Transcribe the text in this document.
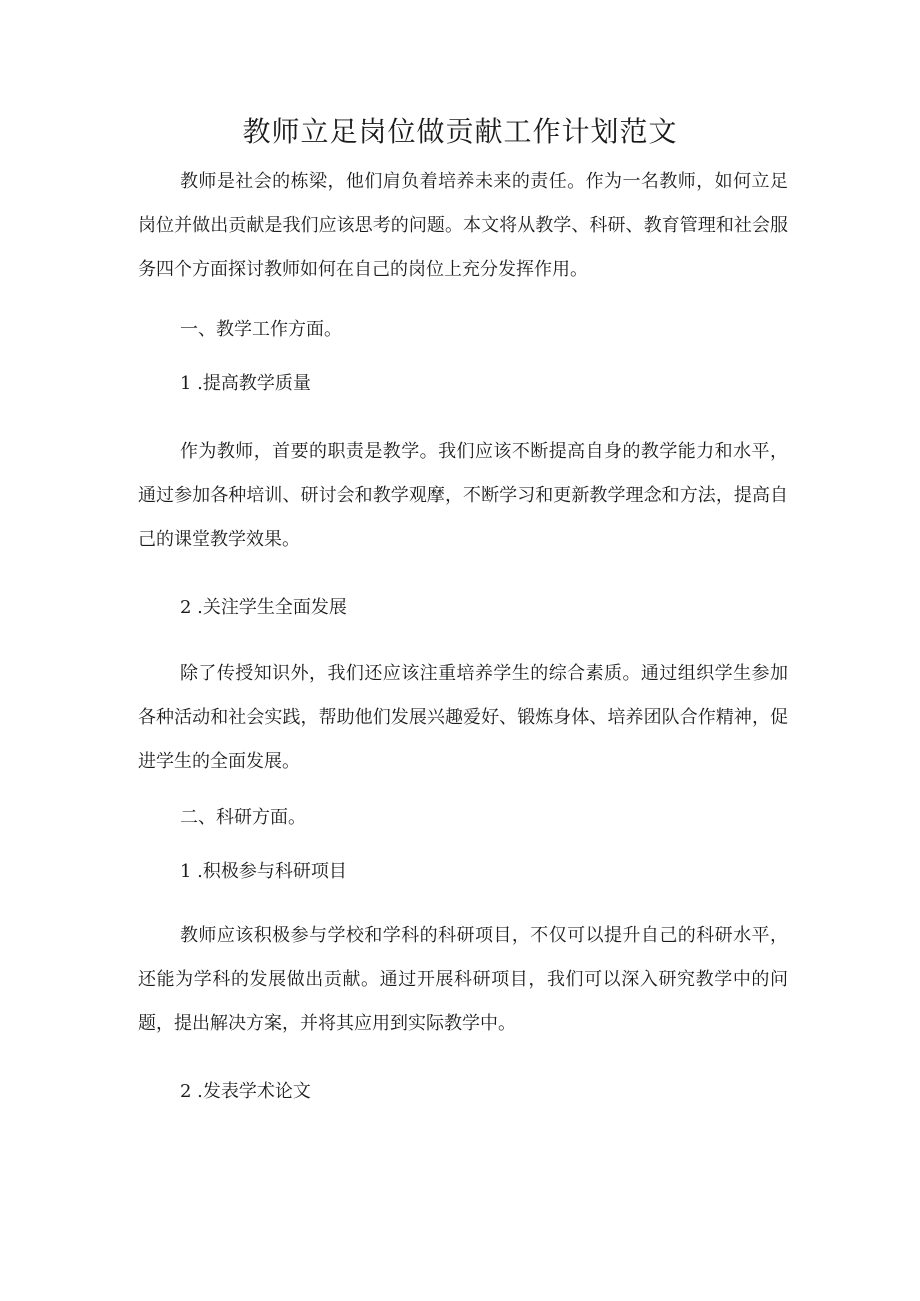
教师立足岗位做贡献工作计划范文

教师是社会的栋梁，他们肩负着培养未来的责任。作为一名教师，如何立足岗位并做出贡献是我们应该思考的问题。本文将从教学、科研、教育管理和社会服务四个方面探讨教师如何在自己的岗位上充分发挥作用。

一、教学工作方面。

1 .提高教学质量

作为教师，首要的职责是教学。我们应该不断提高自身的教学能力和水平，通过参加各种培训、研讨会和教学观摩，不断学习和更新教学理念和方法，提高自己的课堂教学效果。

2 .关注学生全面发展

除了传授知识外，我们还应该注重培养学生的综合素质。通过组织学生参加各种活动和社会实践，帮助他们发展兴趣爱好、锻炼身体、培养团队合作精神，促进学生的全面发展。

二、科研方面。

1 .积极参与科研项目

教师应该积极参与学校和学科的科研项目，不仅可以提升自己的科研水平，还能为学科的发展做出贡献。通过开展科研项目，我们可以深入研究教学中的问题，提出解决方案，并将其应用到实际教学中。

2 .发表学术论文
